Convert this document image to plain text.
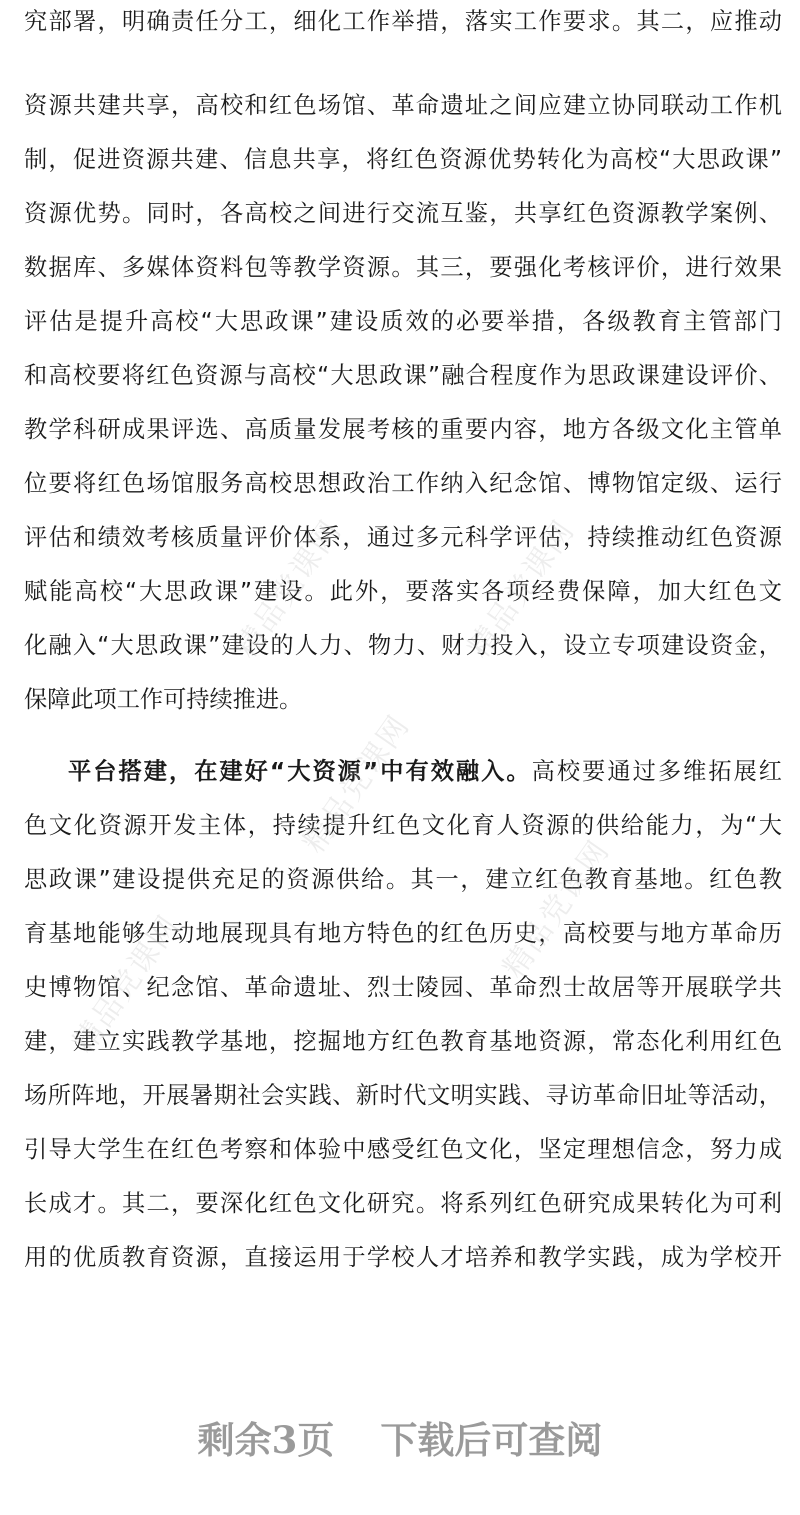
究部署，明确责任分工，细化工作举措，落实工作要求。其二，应推动
资源共建共享，高校和红色场馆、革命遗址之间应建立协同联动工作机
制，促进资源共建、信息共享，将红色资源优势转化为高校“大思政课”
资源优势。同时，各高校之间进行交流互鉴，共享红色资源教学案例、
数据库、多媒体资料包等教学资源。其三，要强化考核评价，进行效果
评估是提升高校“大思政课”建设质效的必要举措，各级教育主管部门
和高校要将红色资源与高校“大思政课”融合程度作为思政课建设评价、
教学科研成果评选、高质量发展考核的重要内容，地方各级文化主管单
位要将红色场馆服务高校思想政治工作纳入纪念馆、博物馆定级、运行
评估和绩效考核质量评价体系，通过多元科学评估，持续推动红色资源
赋能高校“大思政课”建设。此外，要落实各项经费保障，加大红色文
化融入“大思政课”建设的人力、物力、财力投入，设立专项建设资金，
保障此项工作可持续推进。
平台搭建，在建好“大资源”中有效融入。高校要通过多维拓展红
色文化资源开发主体，持续提升红色文化育人资源的供给能力，为“大
思政课”建设提供充足的资源供给。其一，建立红色教育基地。红色教
育基地能够生动地展现具有地方特色的红色历史，高校要与地方革命历
史博物馆、纪念馆、革命遗址、烈士陵园、革命烈士故居等开展联学共
建，建立实践教学基地，挖掘地方红色教育基地资源，常态化利用红色
场所阵地，开展暑期社会实践、新时代文明实践、寻访革命旧址等活动，
引导大学生在红色考察和体验中感受红色文化，坚定理想信念，努力成
长成才。其二，要深化红色文化研究。将系列红色研究成果转化为可利
用的优质教育资源，直接运用于学校人才培养和教学实践，成为学校开
精品党课网	精品党课网
精品党课网
精品党课网	精品党课网
剩余3页 下载后可查阅
